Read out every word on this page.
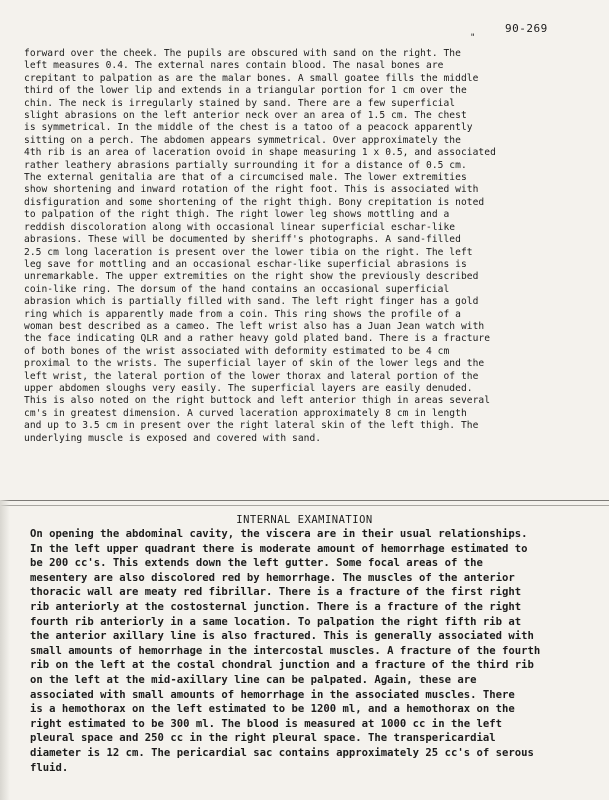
90-269
"
forward over the cheek. The pupils are obscured with sand on the right. The
left measures 0.4. The external nares contain blood. The nasal bones are
crepitant to palpation as are the malar bones. A small goatee fills the middle
third of the lower lip and extends in a triangular portion for 1 cm over the
chin. The neck is irregularly stained by sand. There are a few superficial
slight abrasions on the left anterior neck over an area of 1.5 cm. The chest
is symmetrical. In the middle of the chest is a tatoo of a peacock apparently
sitting on a perch. The abdomen appears symmetrical. Over approximately the
4th rib is an area of laceration ovoid in shape measuring 1 x 0.5, and associated
rather leathery abrasions partially surrounding it for a distance of 0.5 cm.
The external genitalia are that of a circumcised male. The lower extremities
show shortening and inward rotation of the right foot. This is associated with
disfiguration and some shortening of the right thigh. Bony crepitation is noted
to palpation of the right thigh. The right lower leg shows mottling and a
reddish discoloration along with occasional linear superficial eschar-like
abrasions. These will be documented by sheriff's photographs. A sand-filled
2.5 cm long laceration is present over the lower tibia on the right. The left
leg save for mottling and an occasional eschar-like superficial abrasions is
unremarkable. The upper extremities on the right show the previously described
coin-like ring. The dorsum of the hand contains an occasional superficial
abrasion which is partially filled with sand. The left right finger has a gold
ring which is apparently made from a coin. This ring shows the profile of a
woman best described as a cameo. The left wrist also has a Juan Jean watch with
the face indicating QLR and a rather heavy gold plated band. There is a fracture
of both bones of the wrist associated with deformity estimated to be 4 cm
proximal to the wrists. The superficial layer of skin of the lower legs and the
left wrist, the lateral portion of the lower thorax and lateral portion of the
upper abdomen sloughs very easily. The superficial layers are easily denuded.
This is also noted on the right buttock and left anterior thigh in areas several
cm's in greatest dimension. A curved laceration approximately 8 cm in length
and up to 3.5 cm in present over the right lateral skin of the left thigh. The
underlying muscle is exposed and covered with sand.
INTERNAL EXAMINATION
On opening the abdominal cavity, the viscera are in their usual relationships.
In the left upper quadrant there is moderate amount of hemorrhage estimated to
be 200 cc's. This extends down the left gutter. Some focal areas of the
mesentery are also discolored red by hemorrhage. The muscles of the anterior
thoracic wall are meaty red fibrillar. There is a fracture of the first right
rib anteriorly at the costosternal junction. There is a fracture of the right
fourth rib anteriorly in a same location. To palpation the right fifth rib at
the anterior axillary line is also fractured. This is generally associated with
small amounts of hemorrhage in the intercostal muscles. A fracture of the fourth
rib on the left at the costal chondral junction and a fracture of the third rib
on the left at the mid-axillary line can be palpated. Again, these are
associated with small amounts of hemorrhage in the associated muscles. There
is a hemothorax on the left estimated to be 1200 ml, and a hemothorax on the
right estimated to be 300 ml. The blood is measured at 1000 cc in the left
pleural space and 250 cc in the right pleural space. The transpericardial
diameter is 12 cm. The pericardial sac contains approximately 25 cc's of serous
fluid.
